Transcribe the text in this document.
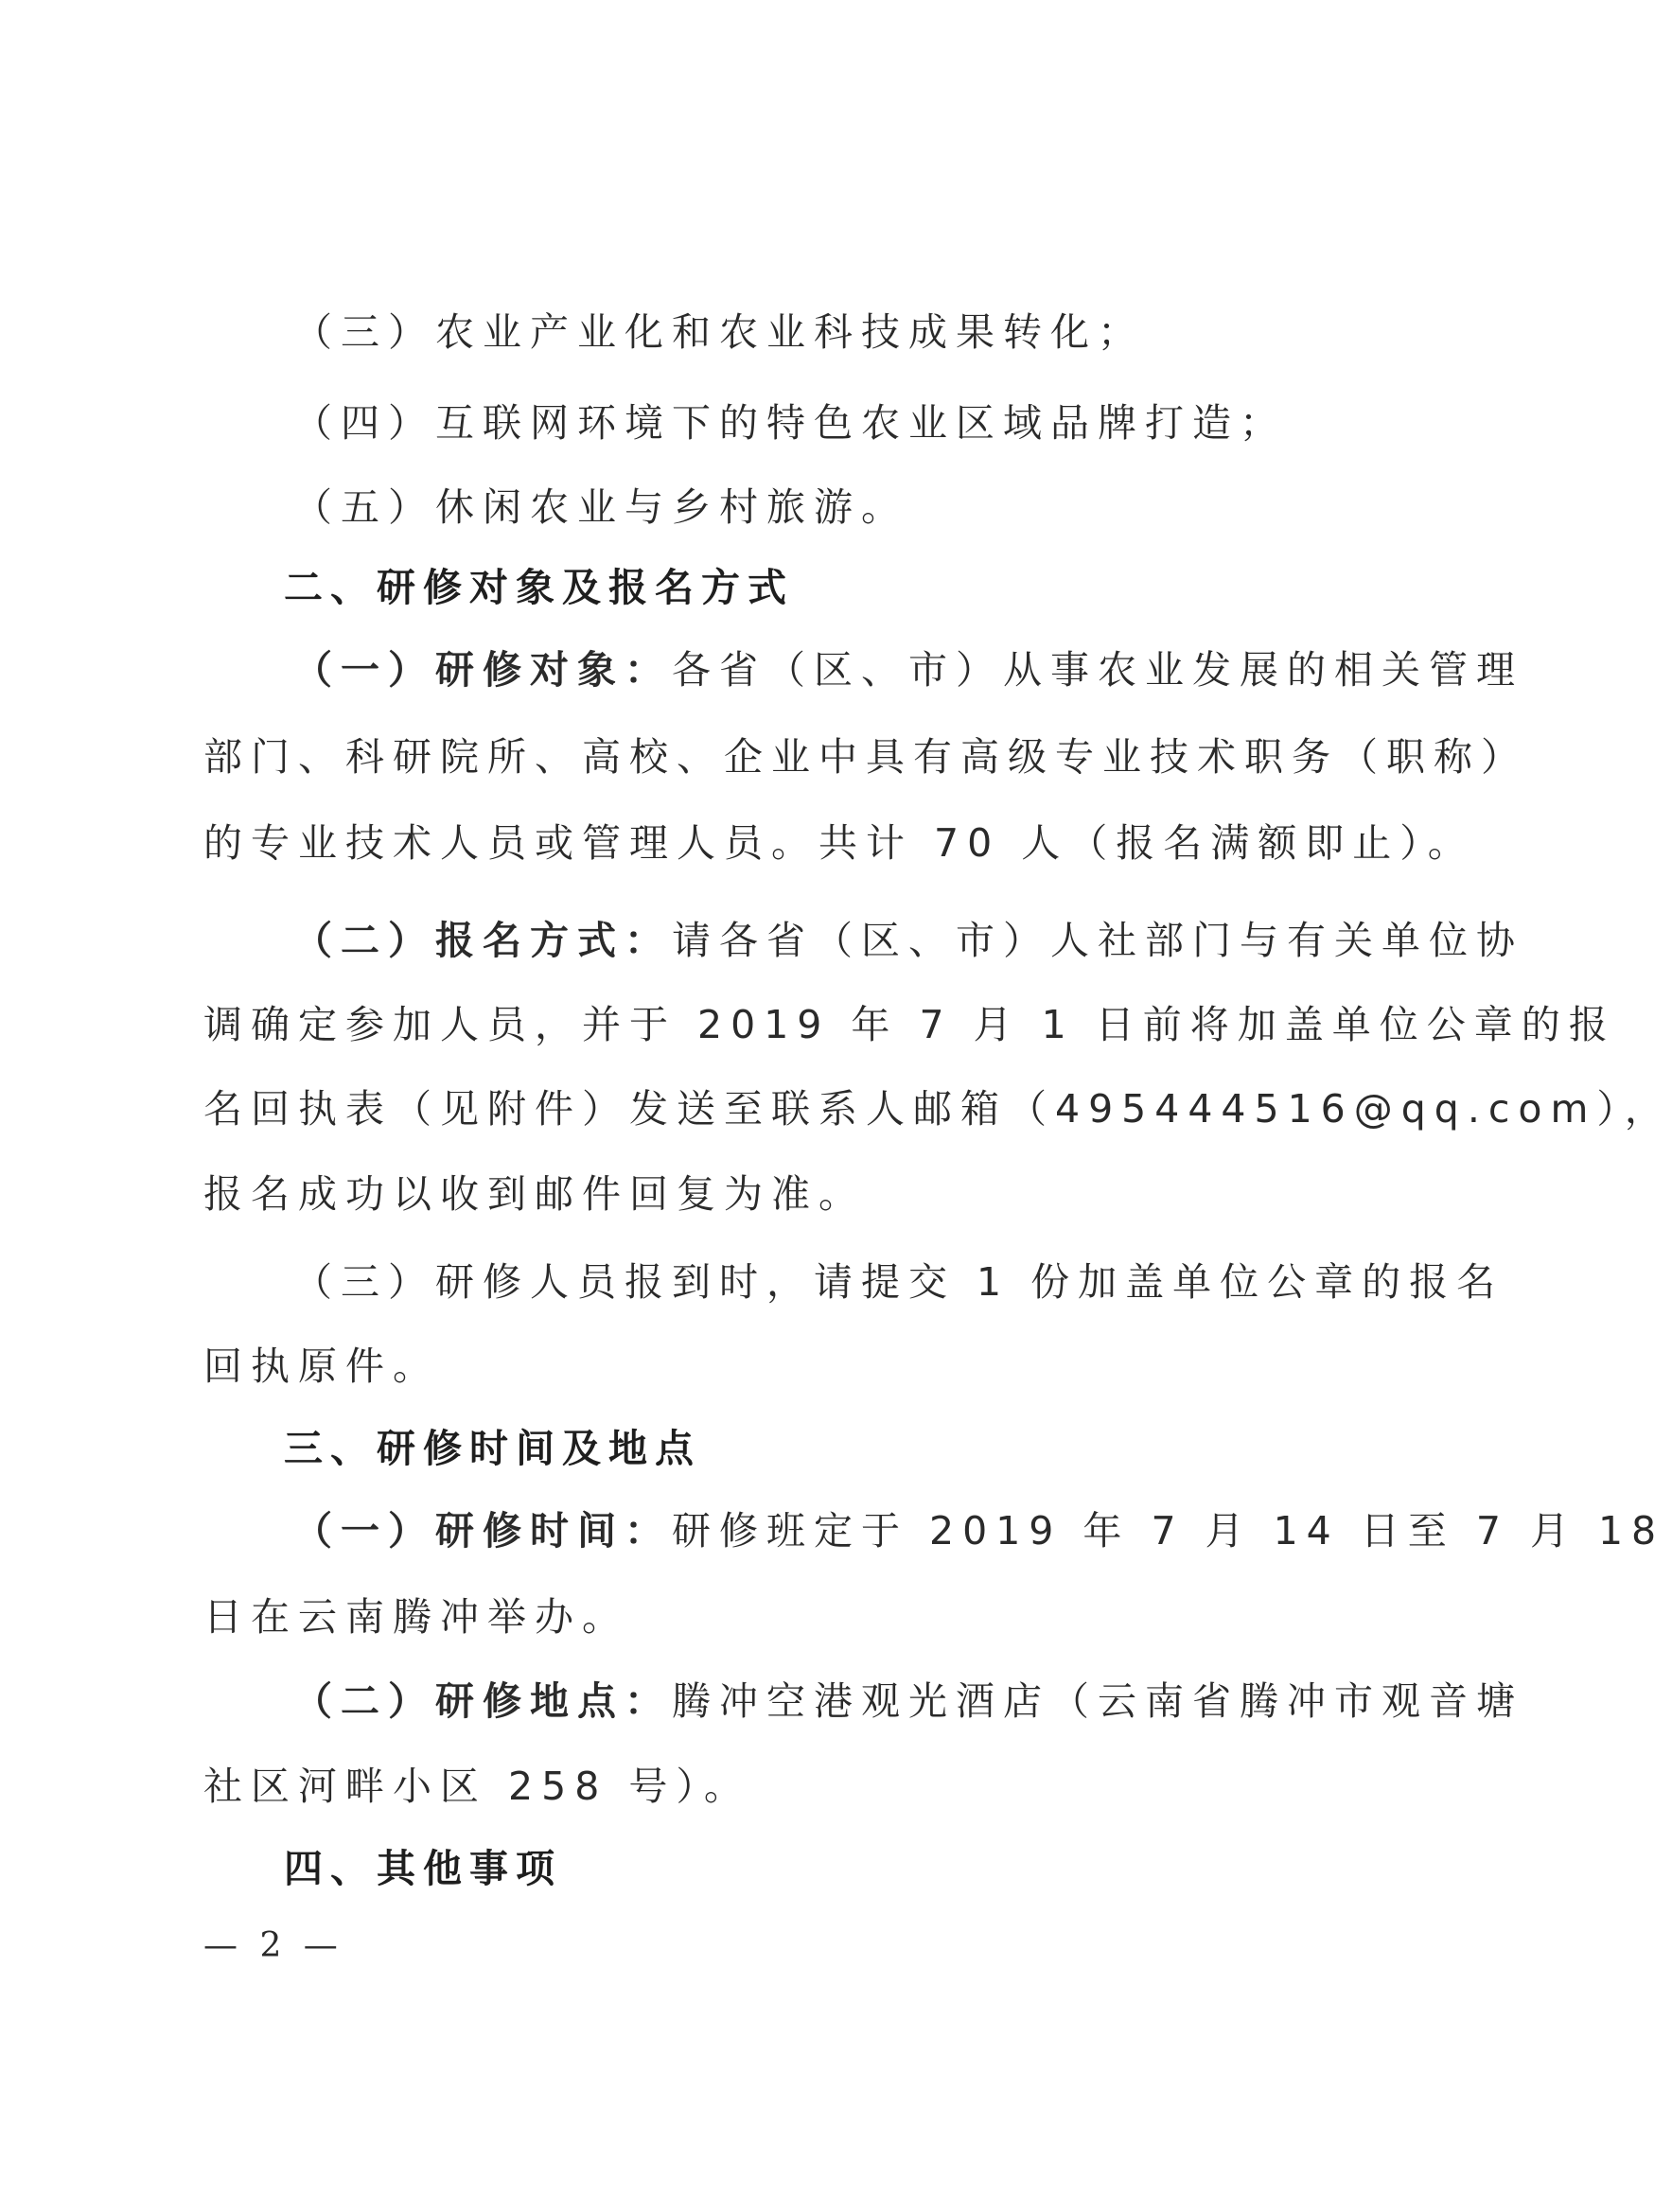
（三）农业产业化和农业科技成果转化；
（四）互联网环境下的特色农业区域品牌打造；
（五）休闲农业与乡村旅游。
二、研修对象及报名方式
（一）研修对象：各省（区、市）从事农业发展的相关管理
部门、科研院所、高校、企业中具有高级专业技术职务（职称）
的专业技术人员或管理人员。共计 70 人（报名满额即止）。
（二）报名方式：请各省（区、市）人社部门与有关单位协
调确定参加人员，并于 2019 年 7 月 1 日前将加盖单位公章的报
名回执表（见附件）发送至联系人邮箱（495444516@qq.com），
报名成功以收到邮件回复为准。
（三）研修人员报到时，请提交 1 份加盖单位公章的报名
回执原件。
三、研修时间及地点
（一）研修时间：研修班定于 2019 年 7 月 14 日至 7 月 18
日在云南腾冲举办。
（二）研修地点：腾冲空港观光酒店（云南省腾冲市观音塘
社区河畔小区 258 号）。
四、其他事项
— 2 —
